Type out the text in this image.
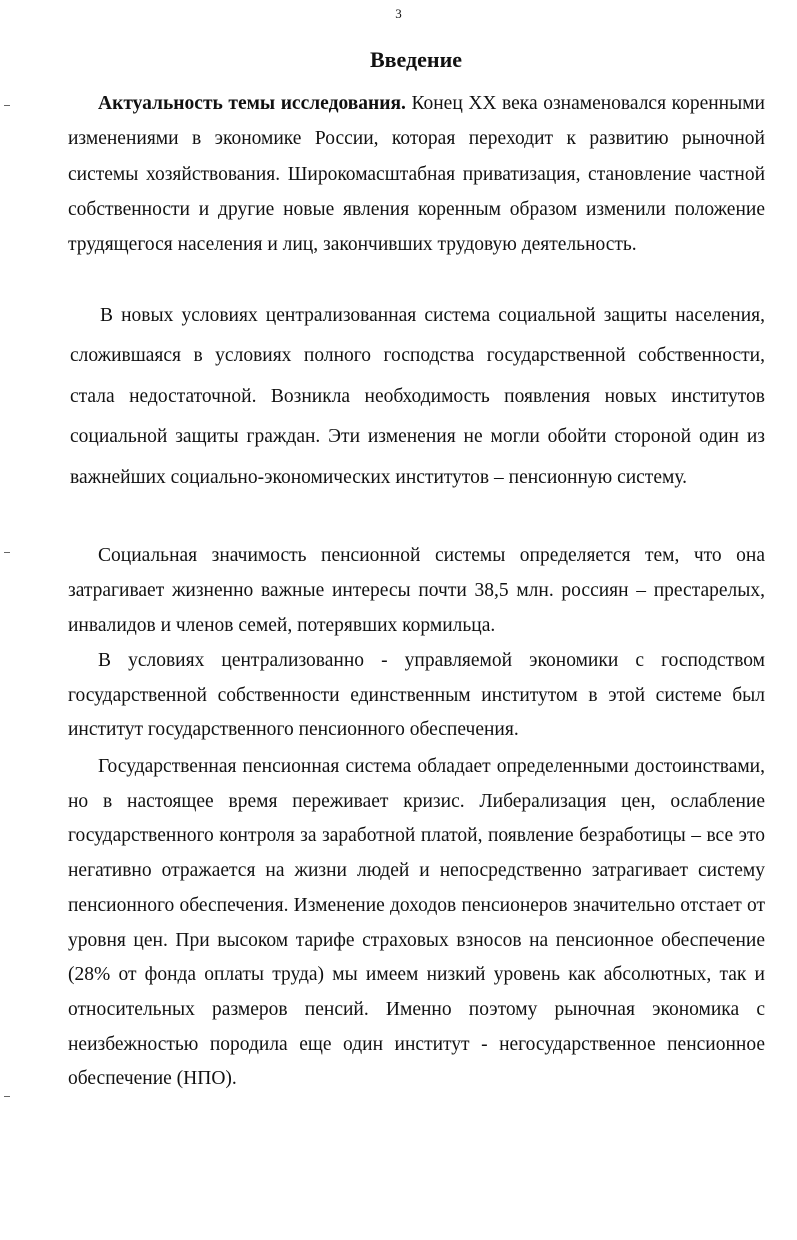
3
Введение

Актуальность темы исследования. Конец XX века ознаменовался коренными изменениями в экономике России, которая переходит к развитию рыночной системы хозяйствования. Широкомасштабная приватизация, становление частной собственности и другие новые явления коренным образом изменили положение трудящегося населения и лиц, закончивших трудовую деятельность.

В новых условиях централизованная система социальной защиты населения, сложившаяся в условиях полного господства государственной собственности, стала недостаточной. Возникла необходимость появления новых институтов социальной защиты граждан. Эти изменения не могли обойти стороной один из важнейших социально-экономических институтов – пенсионную систему.

Социальная значимость пенсионной системы определяется тем, что она затрагивает жизненно важные интересы почти 38,5 млн. россиян – престарелых, инвалидов и членов семей, потерявших кормильца.

В условиях централизованно - управляемой экономики с господством государственной собственности единственным институтом в этой системе был институт государственного пенсионного обеспечения.

Государственная пенсионная система обладает определенными достоинствами, но в настоящее время переживает кризис. Либерализация цен, ослабление государственного контроля за заработной платой, появление безработицы – все это негативно отражается на жизни людей и непосредственно затрагивает систему пенсионного обеспечения. Изменение доходов пенсионеров значительно отстает от уровня цен. При высоком тарифе страховых взносов на пенсионное обеспечение (28% от фонда оплаты труда) мы имеем низкий уровень как абсолютных, так и относительных размеров пенсий. Именно поэтому рыночная экономика с неизбежностью породила еще один институт - негосударственное пенсионное обеспечение (НПО).
